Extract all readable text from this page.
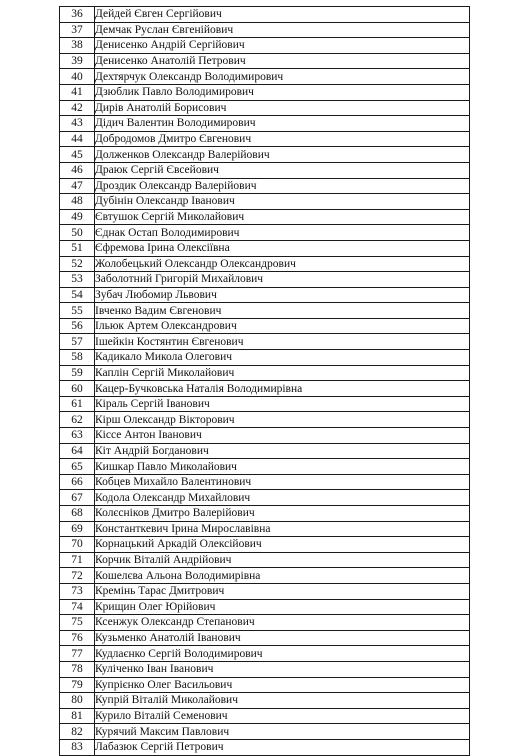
36	Дейдей Євген Сергійович
37	Демчак Руслан Євгенійович
38	Денисенко Андрій Сергійович
39	Денисенко Анатолій Петрович
40	Дехтярчук Олександр Володимирович
41	Дзюблик Павло Володимирович
42	Дирів Анатолій Борисович
43	Дідич Валентин Володимирович
44	Добродомов Дмитро Євгенович
45	Долженков Олександр Валерійович
46	Драюк Сергій Євсейович
47	Дроздик Олександр Валерійович
48	Дубінін Олександр Іванович
49	Євтушок Сергій Миколайович
50	Єднак Остап Володимирович
51	Єфремова Ірина Олексіївна
52	Жолобецький Олександр Олександрович
53	Заболотний Григорій Михайлович
54	Зубач Любомир Львович
55	Івченко Вадим Євгенович
56	Ільюк Артем Олександрович
57	Ішейкін Костянтин Євгенович
58	Кадикало Микола Олегович
59	Каплін Сергій Миколайович
60	Кацер-Бучковська Наталія Володимирівна
61	Кіраль Сергій Іванович
62	Кірш Олександр Вікторович
63	Кіссе Антон Іванович
64	Кіт Андрій Богданович
65	Кишкар Павло Миколайович
66	Кобцев Михайло Валентинович
67	Кодола Олександр Михайлович
68	Колєсніков Дмитро Валерійович
69	Константкевич Ірина Мирославівна
70	Корнацький Аркадій Олексійович
71	Корчик Віталій Андрійович
72	Кошелєва Альона Володимирівна
73	Кремінь Тарас Дмитрович
74	Крищин Олег Юрійович
75	Ксенжук Олександр Степанович
76	Кузьменко Анатолій Іванович
77	Кудлаєнко Сергій Володимирович
78	Куліченко Іван Іванович
79	Купрієнко Олег Васильович
80	Купрій Віталій Миколайович
81	Курило Віталій Семенович
82	Курячий Максим Павлович
83	Лабазюк Сергій Петрович
